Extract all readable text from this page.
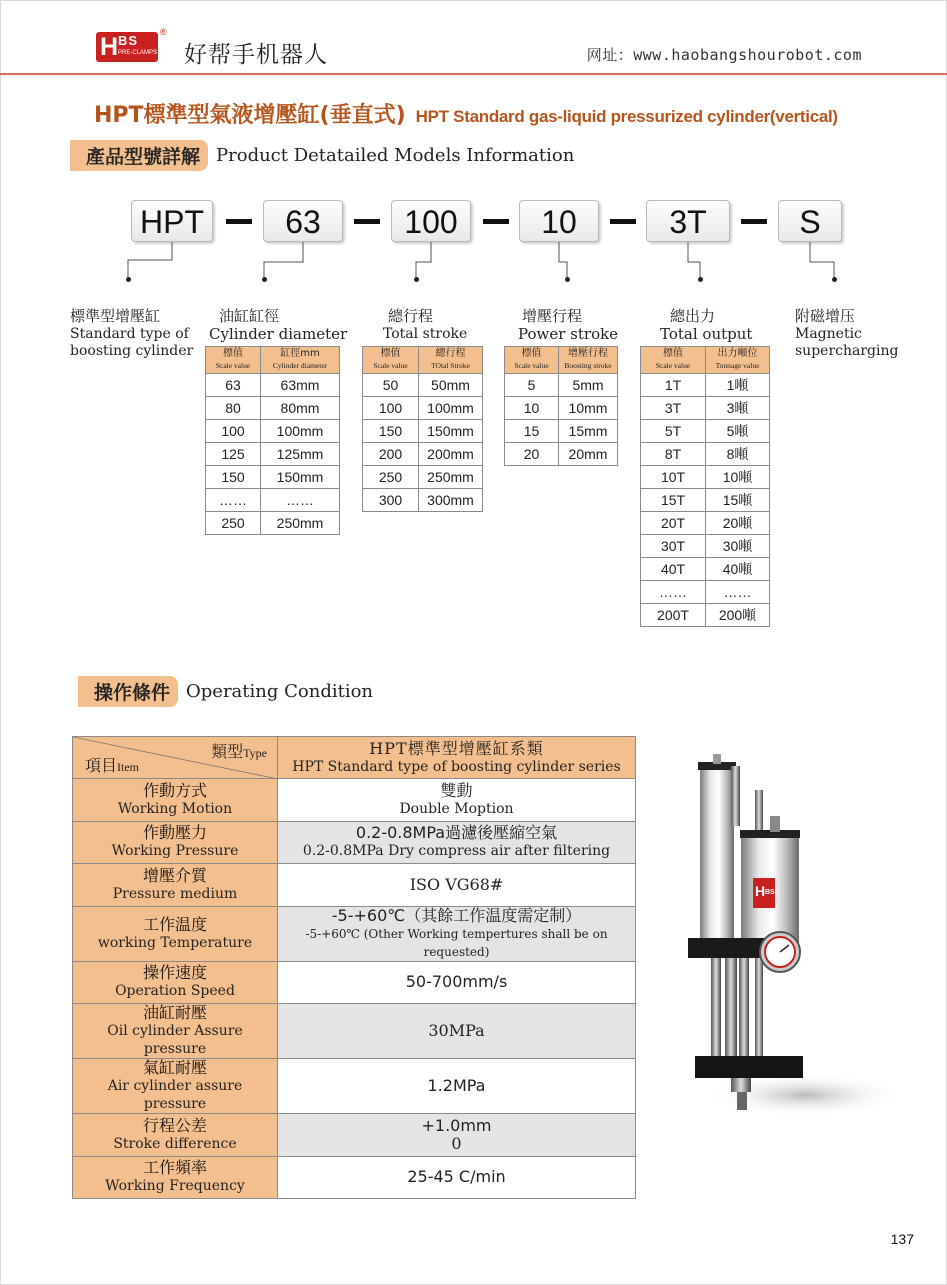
H BS
PRE-CLAMPS
®
好帮手机器人	网址：www.haobangshourobot.com
HPT標準型氣液增壓缸(垂直式) HPT Standard gas-liquid pressurized cylinder(vertical)
產品型號詳解 Product Detatailed Models Information
HPT	63	100	10	3T	S
標準型增壓缸
Standard type of
boosting cylinder
油缸缸徑
Cylinder diameter
總行程
Total stroke
增壓行程
Power stroke
總出力
Total output
附磁增压
Magnetic
supercharging
標值
Scale value	缸徑mm
Cylinder diameter

63	63mm
80	80mm
100	100mm
125	125mm
150	150mm
……	……
250	250mm
標值
Scale value	總行程
TOtal Stroke

50	50mm
100	100mm
150	150mm
200	200mm
250	250mm
300	300mm
標值
Scale value	增壓行程
Boosting stroke

5	5mm
10	10mm
15	15mm
20	20mm
標值
Scale value	出力噸位
Tonnage value

1T	1噸
3T	3噸
5T	5噸
8T	8噸
10T	10噸
15T	15噸
20T	20噸
30T	30噸
40T	40噸
……	……
200T	200噸
操作條件 Operating Condition
類型Type
項目Item	HPT標準型增壓缸系類
HPT Standard type of boosting cylinder series

作動方式
Working Motion	雙動
Double Moption

作動壓力
Working Pressure	0.2-0.8MPa過濾後壓縮空氣
0.2-0.8MPa Dry compress air after filtering

增壓介質
Pressure medium	ISO VG68#

工作温度
working Temperature	-5-+60℃（其餘工作温度需定制）
-5-+60℃ (Other Working tempertures shall be on requested)

操作速度
Operation Speed	50-700mm/s

油缸耐壓
Oil cylinder Assure pressure	30MPa

氣缸耐壓
Air cylinder assure pressure	1.2MPa

行程公差
Stroke difference	+1.0mm
0

工作頻率
Working Frequency	25-45 C/min
H BS
137
